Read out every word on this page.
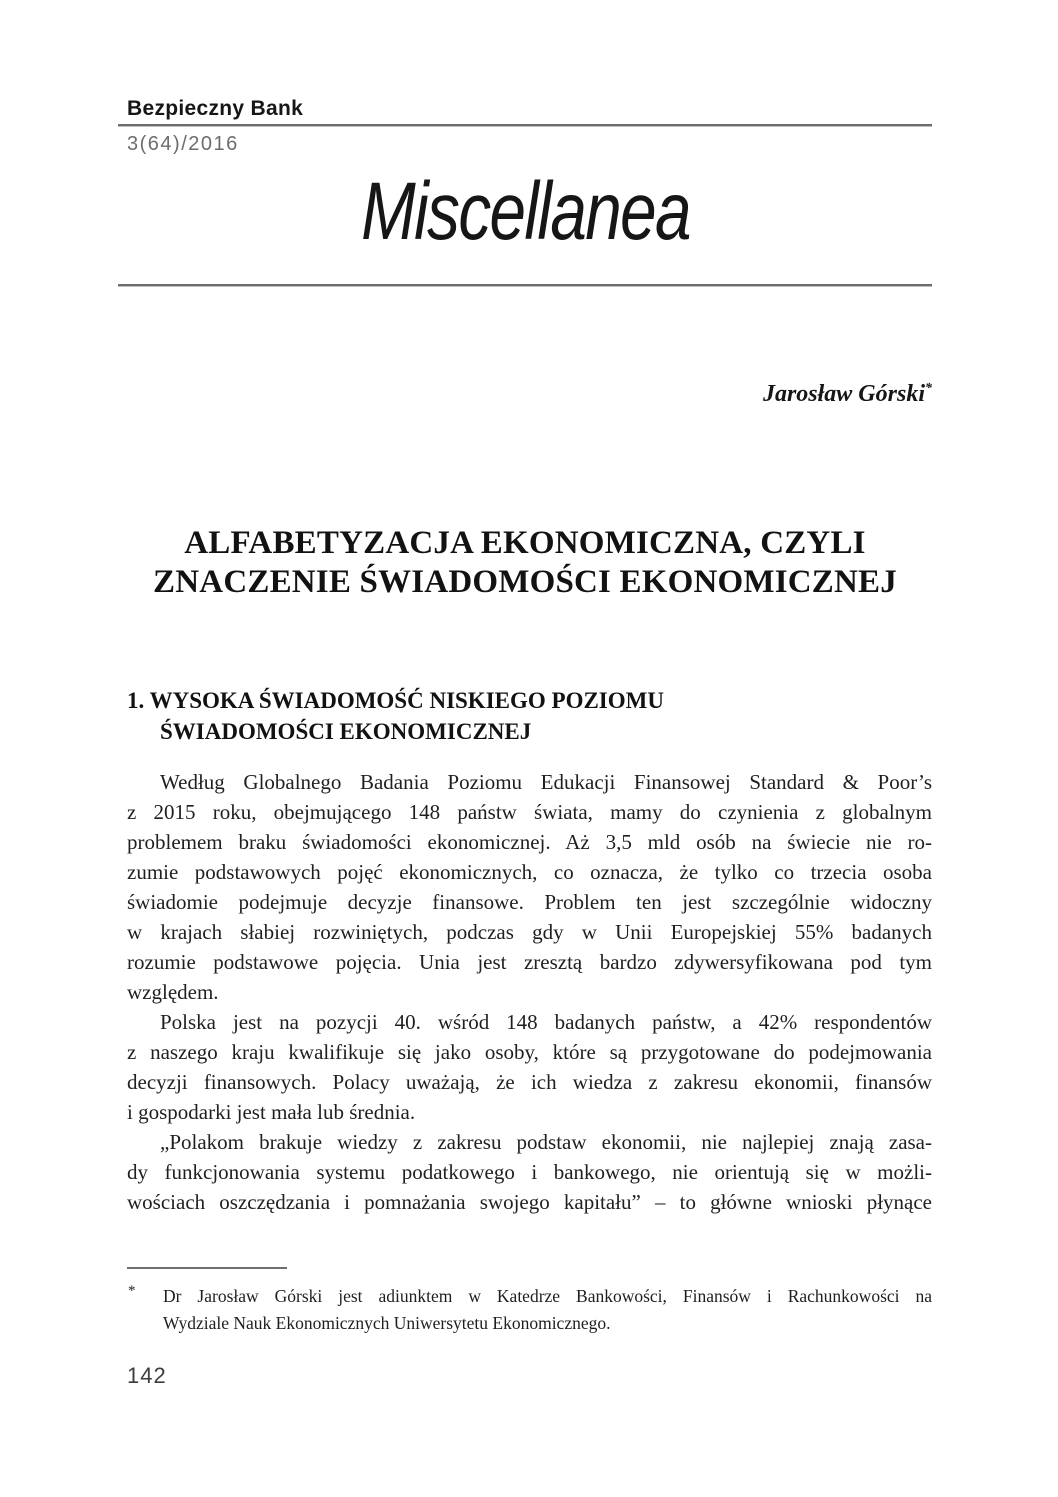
Bezpieczny Bank
3(64)/2016
Miscellanea
Jarosław Górski*
ALFABETYZACJA EKONOMICZNA, CZYLI
ZNACZENIE ŚWIADOMOŚCI EKONOMICZNEJ
1. WYSOKA ŚWIADOMOŚĆ NISKIEGO POZIOMU
ŚWIADOMOŚCI EKONOMICZNEJ
Według Globalnego Badania Poziomu Edukacji Finansowej Standard & Poor’s
z 2015 roku, obejmującego 148 państw świata, mamy do czynienia z globalnym
problemem braku świadomości ekonomicznej. Aż 3,5 mld osób na świecie nie ro-
zumie podstawowych pojęć ekonomicznych, co oznacza, że tylko co trzecia osoba
świadomie podejmuje decyzje finansowe. Problem ten jest szczególnie widoczny
w krajach słabiej rozwiniętych, podczas gdy w Unii Europejskiej 55% badanych
rozumie podstawowe pojęcia. Unia jest zresztą bardzo zdywersyfikowana pod tym
względem.
Polska jest na pozycji 40. wśród 148 badanych państw, a 42% respondentów
z naszego kraju kwalifikuje się jako osoby, które są przygotowane do podejmowania
decyzji finansowych. Polacy uważają, że ich wiedza z zakresu ekonomii, finansów
i gospodarki jest mała lub średnia.
„Polakom brakuje wiedzy z zakresu podstaw ekonomii, nie najlepiej znają zasa-
dy funkcjonowania systemu podatkowego i bankowego, nie orientują się w możli-
wościach oszczędzania i pomnażania swojego kapitału” – to główne wnioski płynące
* Dr Jarosław Górski jest adiunktem w Katedrze Bankowości, Finansów i Rachunkowości na
Wydziale Nauk Ekonomicznych Uniwersytetu Ekonomicznego.
142
